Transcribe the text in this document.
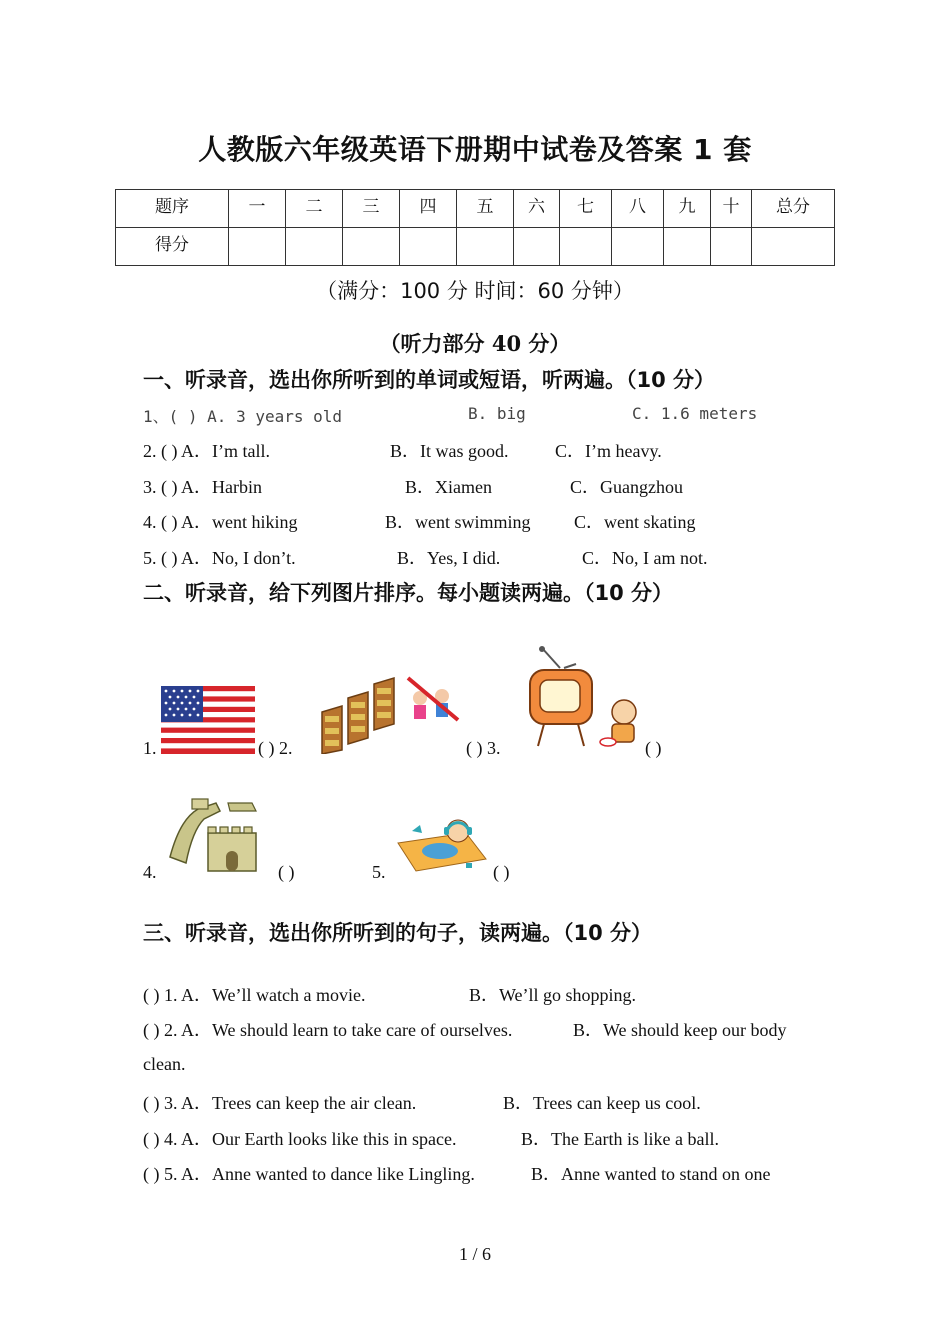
人教版六年级英语下册期中试卷及答案 1 套
题序	一	二	三	四	五	六	七	八	九	十	总分
得分											
（满分：100 分 时间：60 分钟）
（听力部分 40 分）
一、听录音，选出你所听到的单词或短语，听两遍。（10 分）
1、( ) A. 3 years old	B. big	C. 1.6 meters
2. ( ) A．I’m tall.	B．It was good.	C．I’m heavy.
3. ( ) A．Harbin	B．Xiamen	C．Guangzhou
4. ( ) A．went hiking	B．went swimming C．went skating
5. ( ) A．No, I don’t.	B．Yes, I did.	C．No, I am not.
二、听录音，给下列图片排序。每小题读两遍。（10 分）
1.	( ) 2.	( ) 3.	( )
4.	( )	5.	( )
三、听录音，选出你所听到的句子，读两遍。（10 分）
( ) 1. A．We’ll watch a movie.	B．We’ll go shopping.
( ) 2. A．We should learn to take care of ourselves.	B．We should keep our body
clean.
( ) 3. A．Trees can keep the air clean.	B．Trees can keep us cool.
( ) 4. A．Our Earth looks like this in space.	B．The Earth is like a ball.
( ) 5. A．Anne wanted to dance like Lingling.	B．Anne wanted to stand on one
1 / 6
